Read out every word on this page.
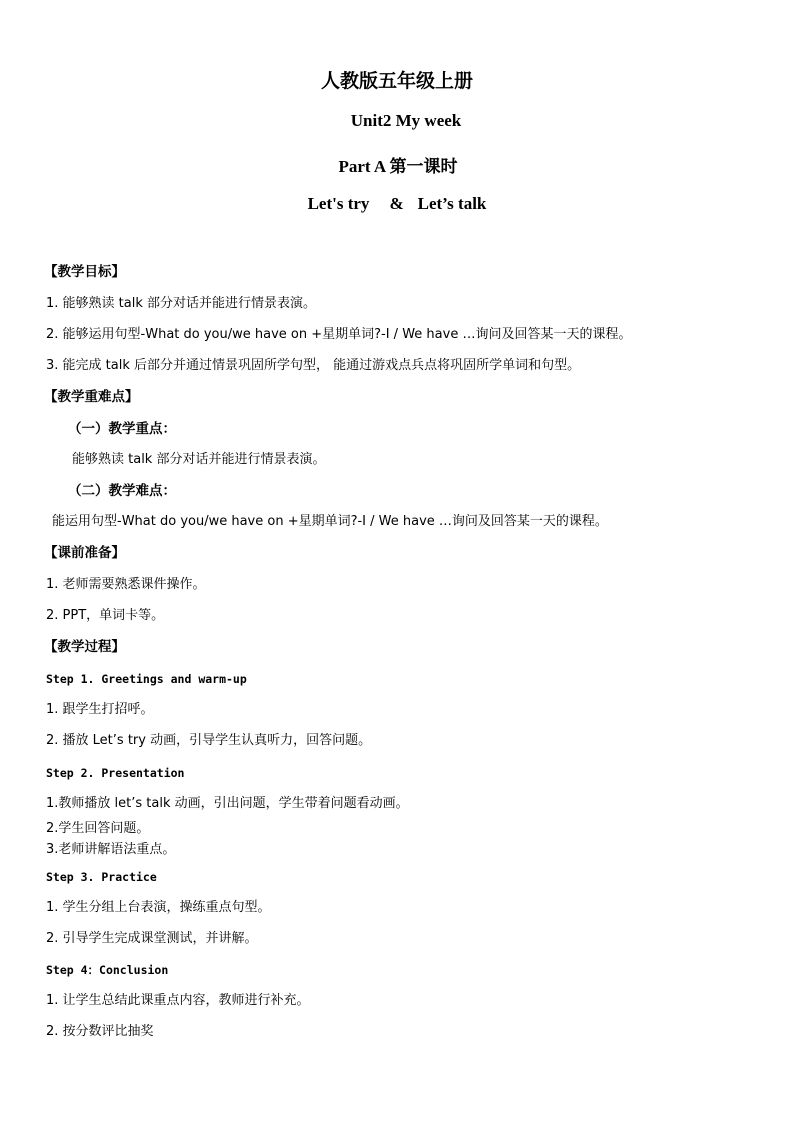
人教版五年级上册
Unit2 My week
Part A 第一课时
Let's try & Let’s talk
【教学目标】
1. 能够熟读 talk 部分对话并能进行情景表演。
2. 能够运用句型-What do you/we have on +星期单词?-I / We have …询问及回答某一天的课程。
3. 能完成 talk 后部分并通过情景巩固所学句型， 能通过游戏点兵点将巩固所学单词和句型。
【教学重难点】
（一）教学重点：
能够熟读 talk 部分对话并能进行情景表演。
（二）教学难点：
能运用句型-What do you/we have on +星期单词?-I / We have …询问及回答某一天的课程。
【课前准备】
1. 老师需要熟悉课件操作。
2. PPT，单词卡等。
【教学过程】
Step 1. Greetings and warm-up
1. 跟学生打招呼。
2. 播放 Let’s try 动画，引导学生认真听力，回答问题。
Step 2. Presentation
1.教师播放 let’s talk 动画，引出问题，学生带着问题看动画。
2.学生回答问题。
3.老师讲解语法重点。
Step 3. Practice
1. 学生分组上台表演，操练重点句型。
2. 引导学生完成课堂测试，并讲解。
Step 4：Conclusion
1. 让学生总结此课重点内容，教师进行补充。
2. 按分数评比抽奖
